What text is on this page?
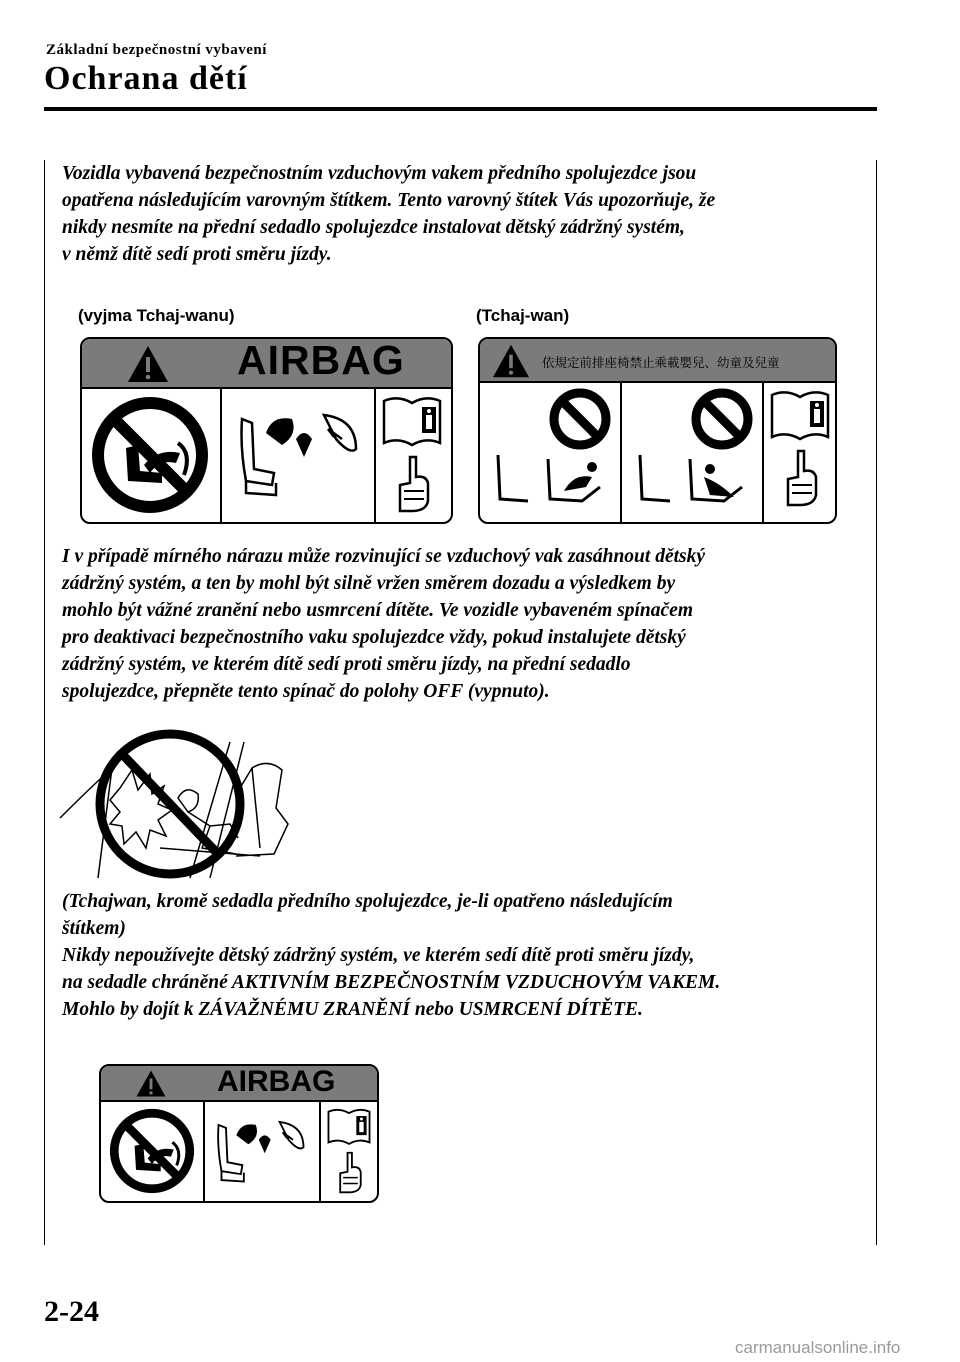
Základní bezpečnostní vybavení
Ochrana dětí
Vozidla vybavená bezpečnostním vzduchovým vakem předního spolujezdce jsou
opatřena následujícím varovným štítkem. Tento varovný štítek Vás upozorňuje, že
nikdy nesmíte na přední sedadlo spolujezdce instalovat dětský zádržný systém,
v němž dítě sedí proti směru jízdy.
(vyjma Tchaj-wanu)	(Tchaj-wan)
AIRBAG	依規定前排座椅禁止乘載嬰兒、幼童及兒童
I v případě mírného nárazu může rozvinující se vzduchový vak zasáhnout dětský
zádržný systém, a ten by mohl být silně vržen směrem dozadu a výsledkem by
mohlo být vážné zranění nebo usmrcení dítěte. Ve vozidle vybaveném spínačem
pro deaktivaci bezpečnostního vaku spolujezdce vždy, pokud instalujete dětský
zádržný systém, ve kterém dítě sedí proti směru jízdy, na přední sedadlo
spolujezdce, přepněte tento spínač do polohy OFF (vypnuto).
(Tchajwan, kromě sedadla předního spolujezdce, je-li opatřeno následujícím
štítkem)
Nikdy nepoužívejte dětský zádržný systém, ve kterém sedí dítě proti směru jízdy,
na sedadle chráněné AKTIVNÍM BEZPEČNOSTNÍM VZDUCHOVÝM VAKEM.
Mohlo by dojít k ZÁVAŽNÉMU ZRANĚNÍ nebo USMRCENÍ DÍTĚTE.
AIRBAG
2-24
carmanualsonline.info
